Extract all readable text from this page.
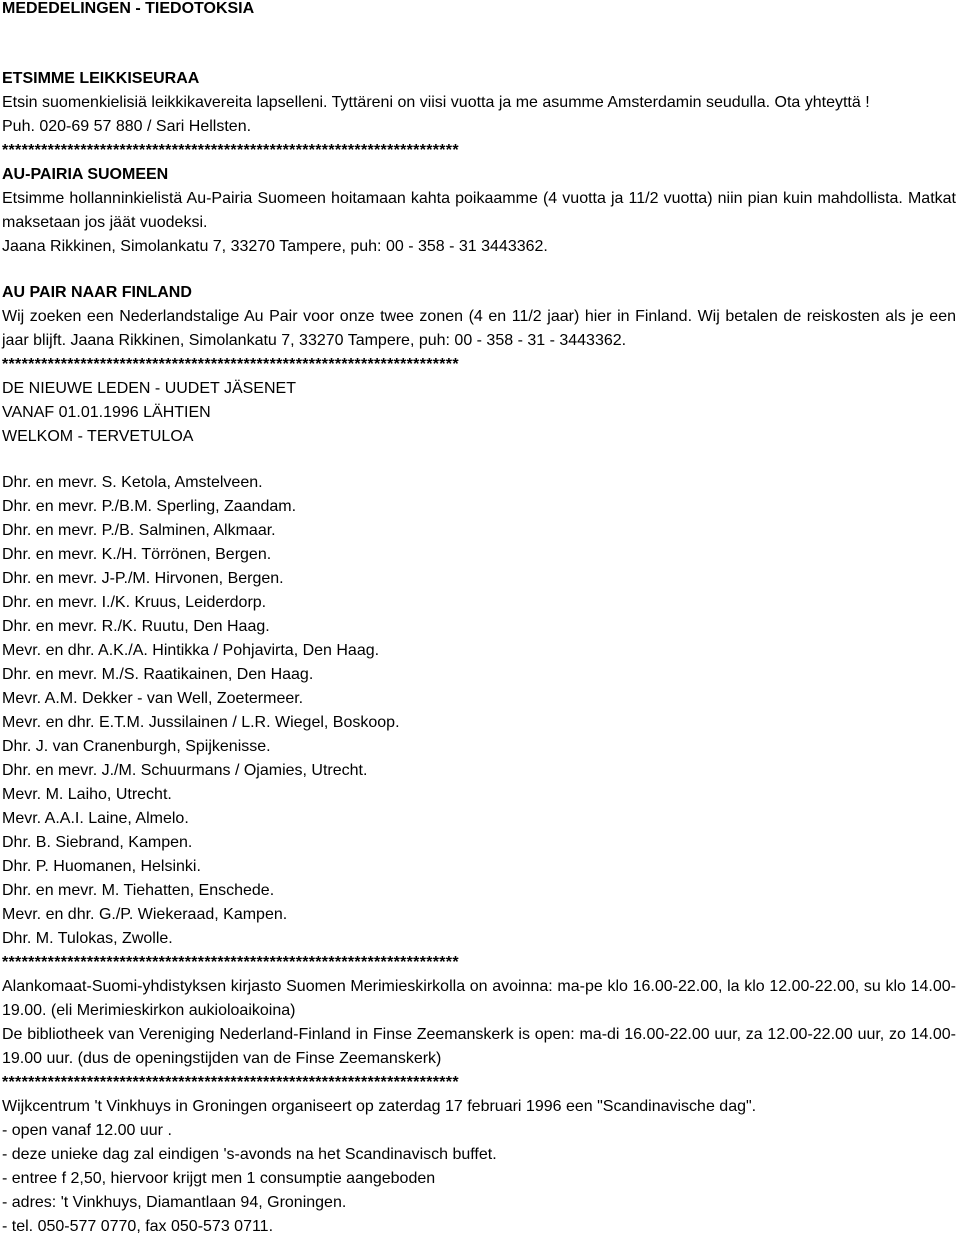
MEDEDELINGEN - TIEDOTOKSIA
ETSIMME LEIKKISEURAA
Etsin suomenkielisiä leikkikavereita lapselleni. Tyttäreni on viisi vuotta ja me asumme Amsterdamin seudulla. Ota yhteyttä !
Puh. 020-69 57 880 / Sari Hellsten.
**********************************************************************
AU-PAIRIA SUOMEEN
Etsimme hollanninkielistä Au-Pairia Suomeen hoitamaan kahta poikaamme (4 vuotta ja 11/2 vuotta) niin pian kuin mahdollista. Matkat maksetaan jos jäät vuodeksi.
Jaana Rikkinen, Simolankatu 7, 33270 Tampere, puh: 00 - 358 - 31 3443362.
AU PAIR NAAR FINLAND
Wij zoeken een Nederlandstalige Au Pair voor onze twee zonen (4 en 11/2 jaar) hier in Finland. Wij betalen de reiskosten als je een jaar blijft. Jaana Rikkinen, Simolankatu 7, 33270 Tampere, puh: 00 - 358 - 31 - 3443362.
**********************************************************************
DE NIEUWE LEDEN - UUDET JÄSENET
VANAF 01.01.1996 LÄHTIEN
WELKOM - TERVETULOA
Dhr. en mevr. S. Ketola, Amstelveen.
Dhr. en mevr. P./B.M. Sperling, Zaandam.
Dhr. en mevr. P./B. Salminen, Alkmaar.
Dhr. en mevr. K./H. Törrönen, Bergen.
Dhr. en mevr. J-P./M. Hirvonen, Bergen.
Dhr. en mevr. I./K. Kruus, Leiderdorp.
Dhr. en mevr. R./K. Ruutu, Den Haag.
Mevr. en dhr. A.K./A. Hintikka / Pohjavirta, Den Haag.
Dhr. en mevr. M./S. Raatikainen, Den Haag.
Mevr. A.M. Dekker - van Well, Zoetermeer.
Mevr. en dhr. E.T.M. Jussilainen / L.R. Wiegel, Boskoop.
Dhr. J. van Cranenburgh, Spijkenisse.
Dhr. en mevr. J./M. Schuurmans / Ojamies, Utrecht.
Mevr. M. Laiho, Utrecht.
Mevr. A.A.I. Laine, Almelo.
Dhr. B. Siebrand, Kampen.
Dhr. P. Huomanen, Helsinki.
Dhr. en mevr. M. Tiehatten, Enschede.
Mevr. en dhr. G./P. Wiekeraad, Kampen.
Dhr. M. Tulokas, Zwolle.
**********************************************************************
Alankomaat-Suomi-yhdistyksen kirjasto Suomen Merimieskirkolla on avoinna: ma-pe klo 16.00-22.00, la klo 12.00-22.00, su klo 14.00-19.00. (eli Merimieskirkon aukioloaikoina)
De bibliotheek van Vereniging Nederland-Finland in Finse Zeemanskerk is open: ma-di 16.00-22.00 uur, za 12.00-22.00 uur, zo 14.00-19.00 uur. (dus de openingstijden van de Finse Zeemanskerk)
**********************************************************************
Wijkcentrum 't Vinkhuys in Groningen organiseert op zaterdag 17 februari 1996 een "Scandinavische dag".
- open vanaf 12.00 uur .
- deze unieke dag zal eindigen 's-avonds na het Scandinavisch buffet.
- entree f 2,50, hiervoor krijgt men 1 consumptie aangeboden
- adres: 't Vinkhuys, Diamantlaan 94, Groningen.
- tel. 050-577 0770, fax 050-573 0711.
